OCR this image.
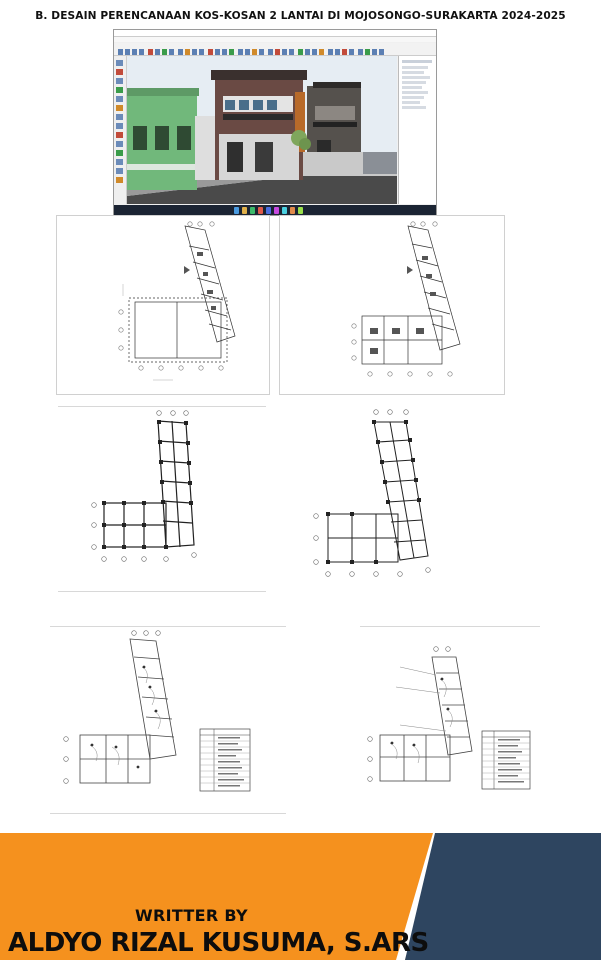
B. DESAIN PERENCANAAN KOS-KOSAN 2 LANTAI DI MOJOSONGO-SURAKARTA 2024-2025
WRITTER BY
ALDYO RIZAL KUSUMA, S.ARS
